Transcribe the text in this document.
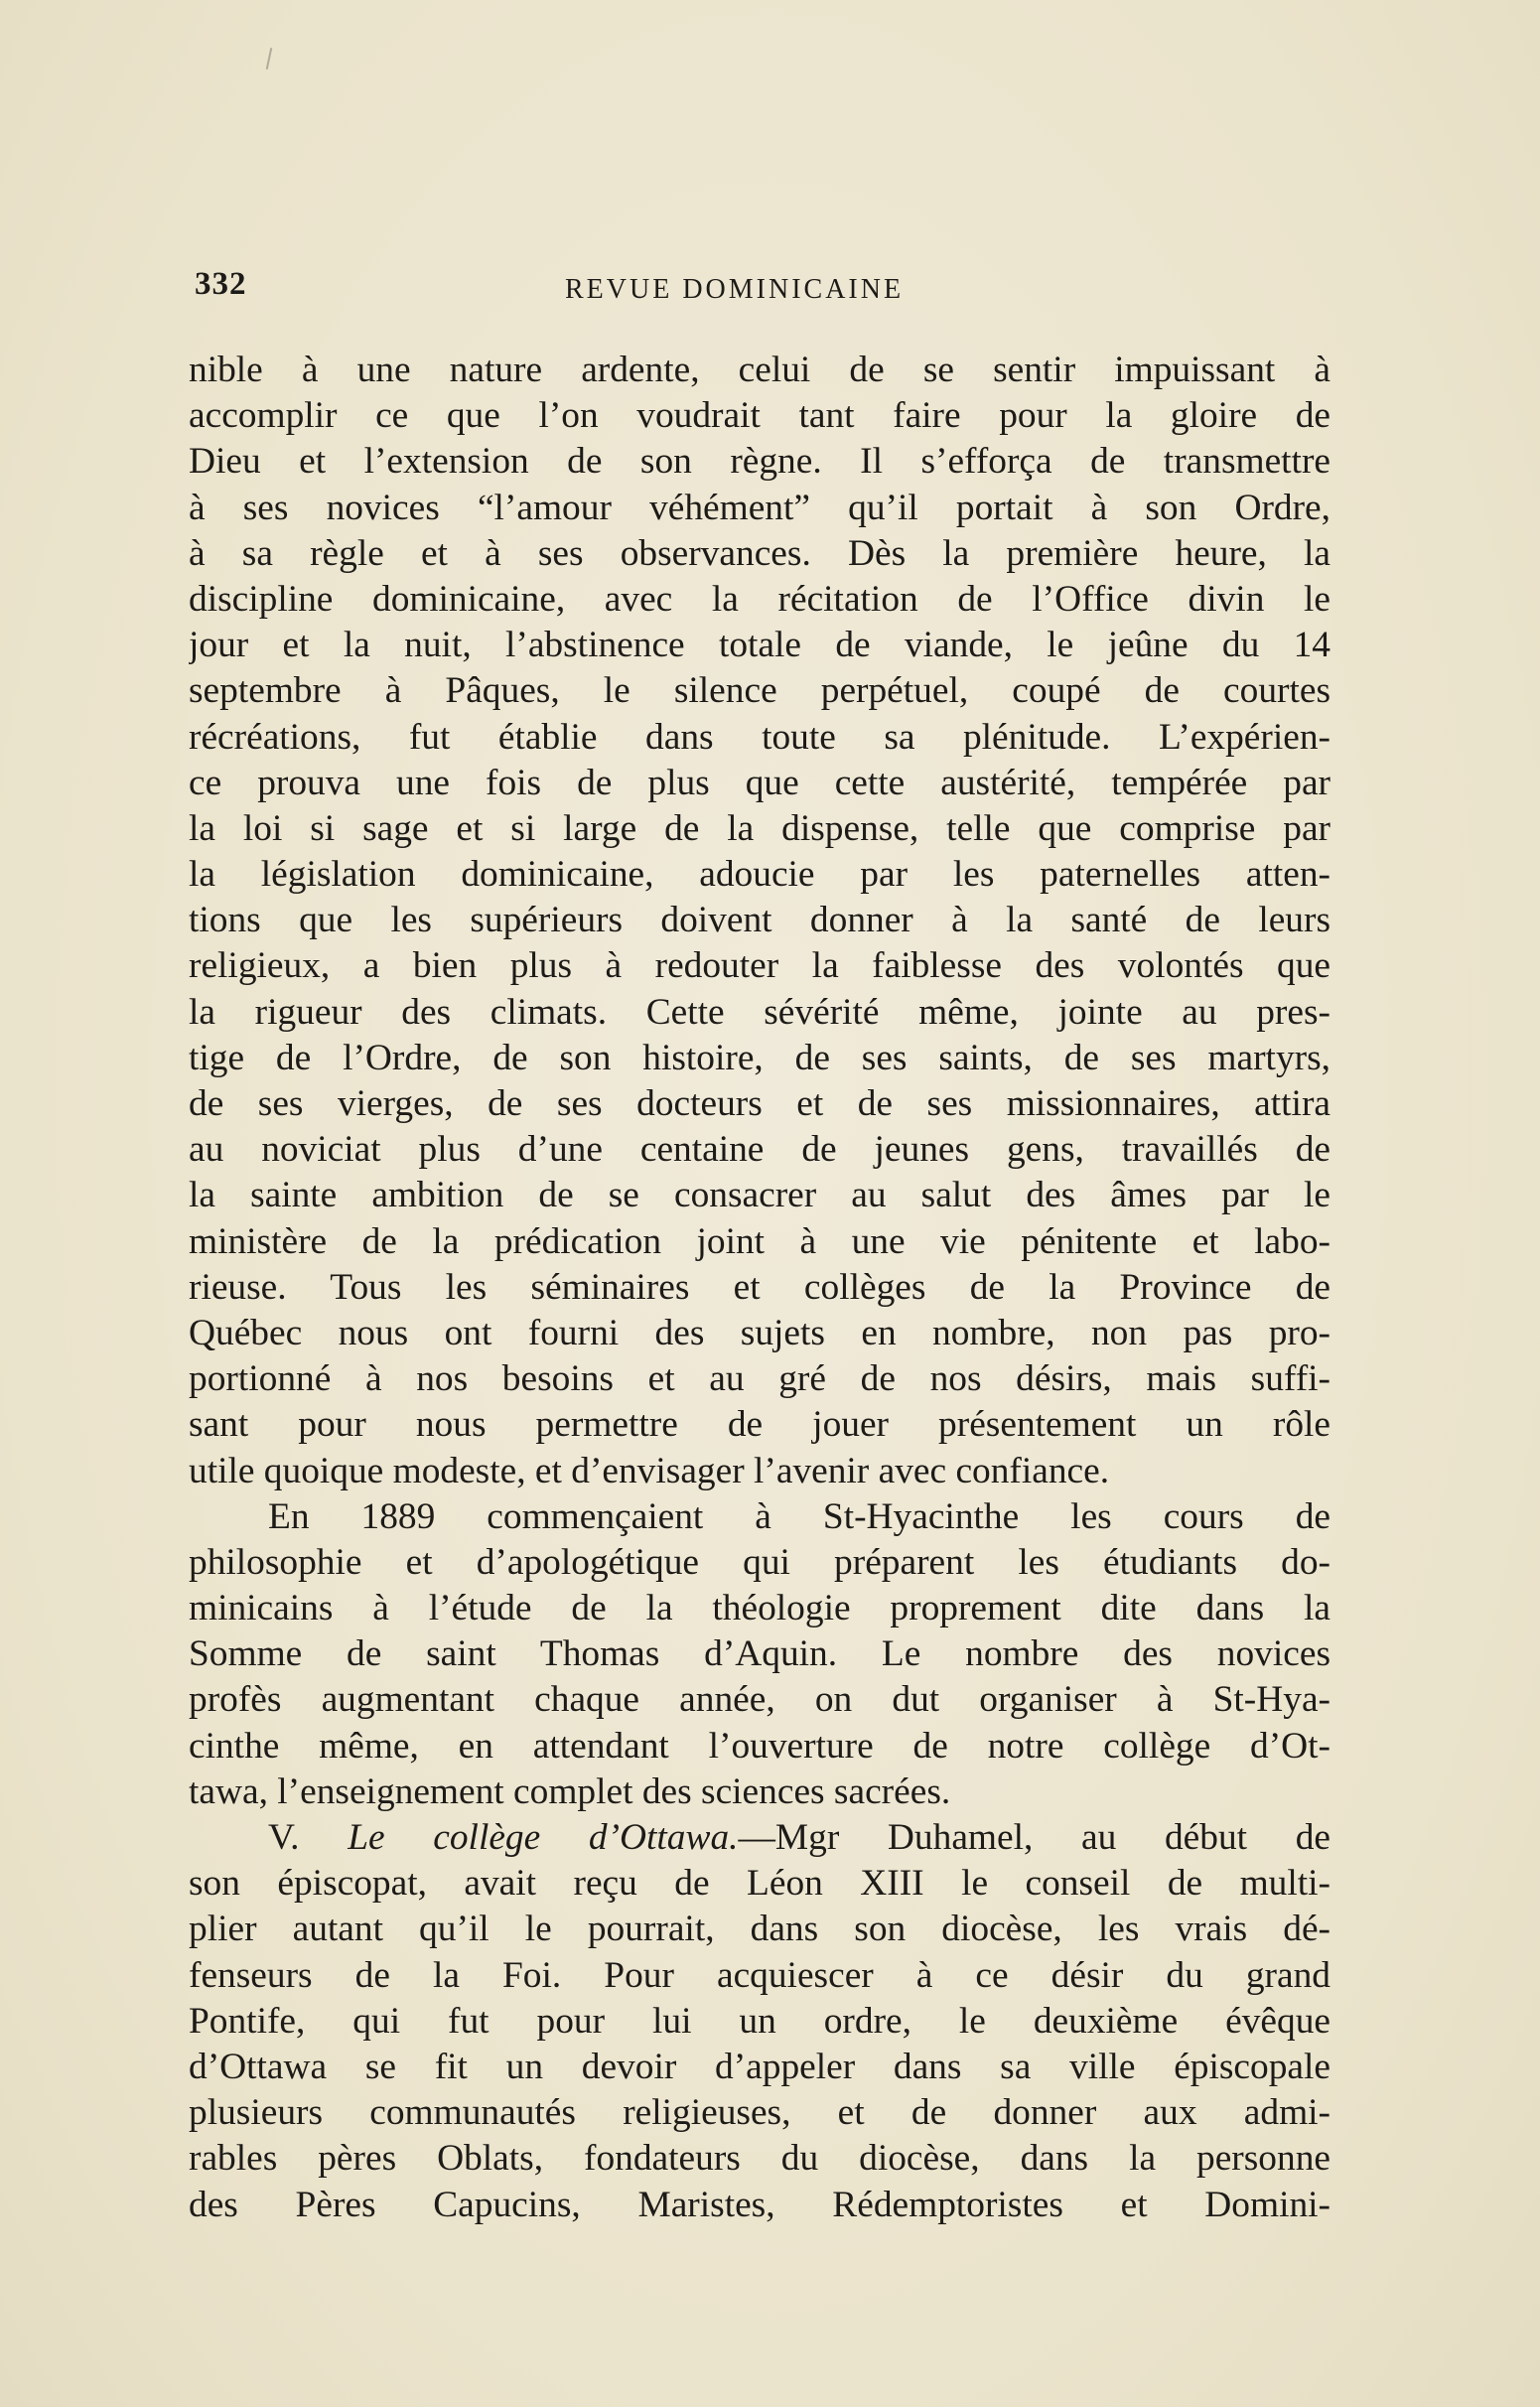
332	REVUE DOMINICAINE
nible à une nature ardente, celui de se sentir impuissant à
accomplir ce que l’on voudrait tant faire pour la gloire de
Dieu et l’extension de son règne. Il s’efforça de transmettre
à ses novices “l’amour véhément” qu’il portait à son Ordre,
à sa règle et à ses observances. Dès la première heure, la
discipline dominicaine, avec la récitation de l’Office divin le
jour et la nuit, l’abstinence totale de viande, le jeûne du 14
septembre à Pâques, le silence perpétuel, coupé de courtes
récréations, fut établie dans toute sa plénitude. L’expérien-
ce prouva une fois de plus que cette austérité, tempérée par
la loi si sage et si large de la dispense, telle que comprise par
la législation dominicaine, adoucie par les paternelles atten-
tions que les supérieurs doivent donner à la santé de leurs
religieux, a bien plus à redouter la faiblesse des volontés que
la rigueur des climats. Cette sévérité même, jointe au pres-
tige de l’Ordre, de son histoire, de ses saints, de ses martyrs,
de ses vierges, de ses docteurs et de ses missionnaires, attira
au noviciat plus d’une centaine de jeunes gens, travaillés de
la sainte ambition de se consacrer au salut des âmes par le
ministère de la prédication joint à une vie pénitente et labo-
rieuse. Tous les séminaires et collèges de la Province de
Québec nous ont fourni des sujets en nombre, non pas pro-
portionné à nos besoins et au gré de nos désirs, mais suffi-
sant pour nous permettre de jouer présentement un rôle
utile quoique modeste, et d’envisager l’avenir avec confiance.
En 1889 commençaient à St-Hyacinthe les cours de
philosophie et d’apologétique qui préparent les étudiants do-
minicains à l’étude de la théologie proprement dite dans la
Somme de saint Thomas d’Aquin. Le nombre des novices
profès augmentant chaque année, on dut organiser à St-Hya-
cinthe même, en attendant l’ouverture de notre collège d’Ot-
tawa, l’enseignement complet des sciences sacrées.
V. Le collège d’Ottawa.—Mgr Duhamel, au début de
son épiscopat, avait reçu de Léon XIII le conseil de multi-
plier autant qu’il le pourrait, dans son diocèse, les vrais dé-
fenseurs de la Foi. Pour acquiescer à ce désir du grand
Pontife, qui fut pour lui un ordre, le deuxième évêque
d’Ottawa se fit un devoir d’appeler dans sa ville épiscopale
plusieurs communautés religieuses, et de donner aux admi-
rables pères Oblats, fondateurs du diocèse, dans la personne
des Pères Capucins, Maristes, Rédemptoristes et Domini-
